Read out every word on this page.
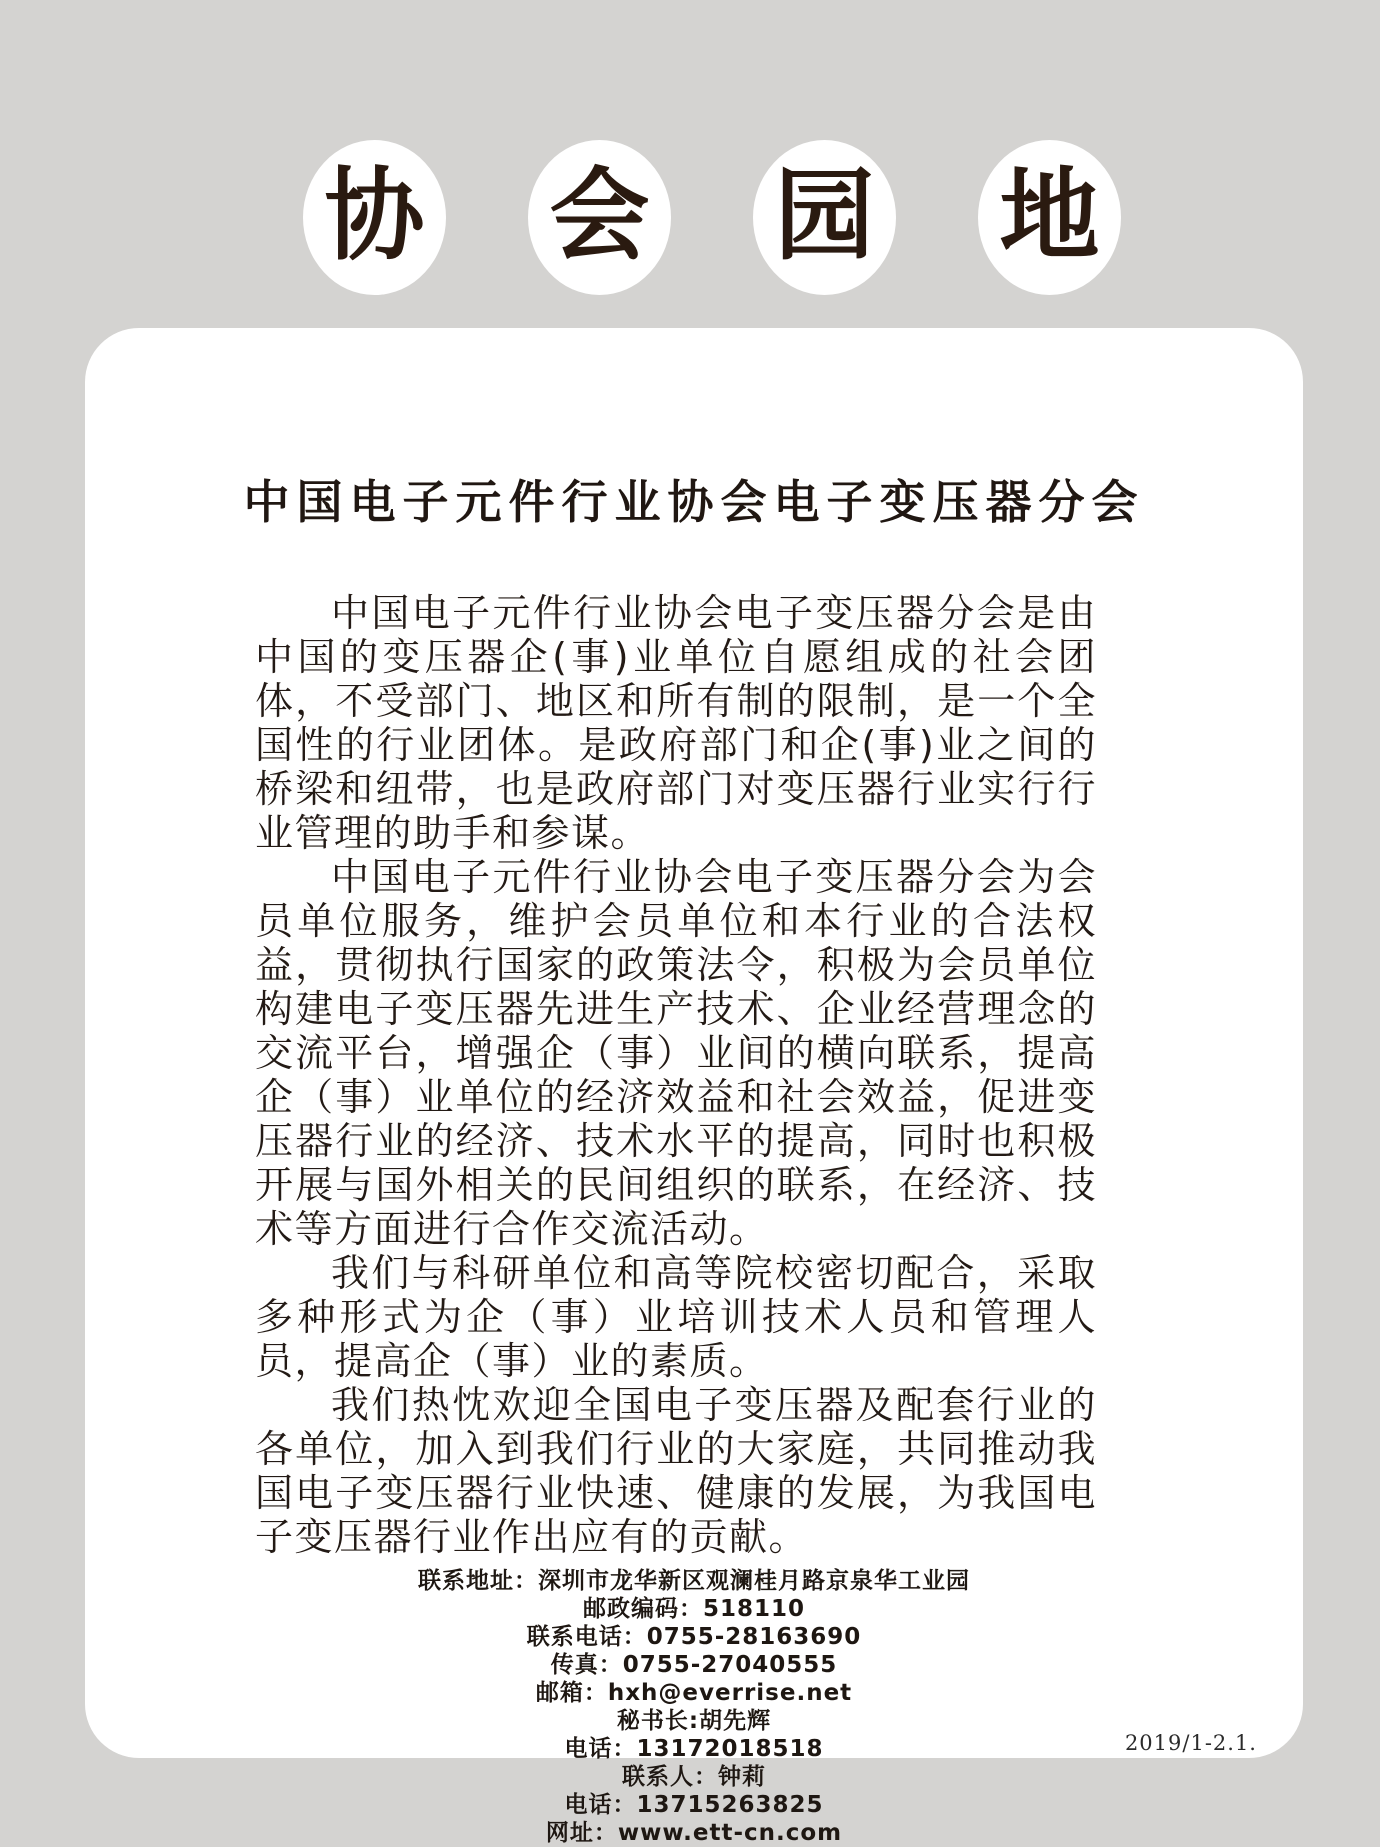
协 会 园 地
中国电子元件行业协会电子变压器分会

中国电子元件行业协会电子变压器分会是由中国的变压器企(事)业单位自愿组成的社会团体，不受部门、地区和所有制的限制，是一个全国性的行业团体。是政府部门和企(事)业之间的桥梁和纽带，也是政府部门对变压器行业实行行业管理的助手和参谋。

中国电子元件行业协会电子变压器分会为会员单位服务，维护会员单位和本行业的合法权益，贯彻执行国家的政策法令，积极为会员单位构建电子变压器先进生产技术、企业经营理念的交流平台，增强企（事）业间的横向联系，提高企（事）业单位的经济效益和社会效益，促进变压器行业的经济、技术水平的提高，同时也积极开展与国外相关的民间组织的联系，在经济、技术等方面进行合作交流活动。

我们与科研单位和高等院校密切配合，采取多种形式为企（事）业培训技术人员和管理人员，提高企（事）业的素质。

我们热忱欢迎全国电子变压器及配套行业的各单位，加入到我们行业的大家庭，共同推动我国电子变压器行业快速、健康的发展，为我国电子变压器行业作出应有的贡献。

联系地址：深圳市龙华新区观澜桂月路京泉华工业园
邮政编码：518110
联系电话：0755-28163690
传真：0755-27040555
邮箱：hxh@everrise.net
秘书长:胡先辉
电话：13172018518
联系人：钟莉
电话：13715263825
网址：www.ett-cn.com
2019/1-2.1.
